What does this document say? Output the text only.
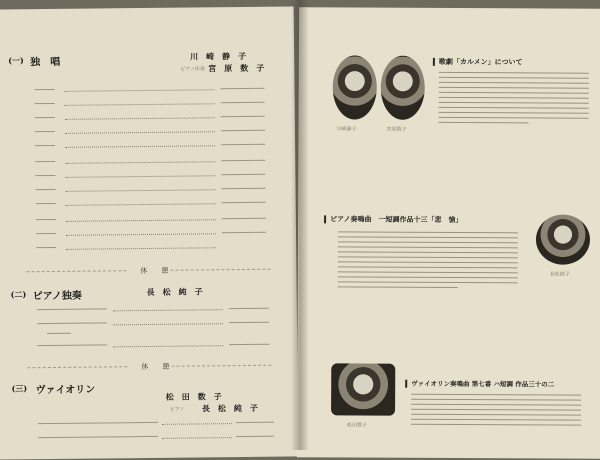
(一) 独　唱
川　崎　静　子
ピアノ伴奏 宮　原　数　子
休　　憩
(二) ピアノ独奏	長　松　純　子
休　　憩
(三) ヴァイオリン
松　田　数　子
ピアノ 長　松　純　子
川崎静子	宮原数子
歌劇「カルメン」について
ピアノ奏鳴曲　一短調作品十三「悲　愴」
長松純子
松田数子
ヴァイオリン奏鳴曲 第七番 ハ短調 作品三十の二
